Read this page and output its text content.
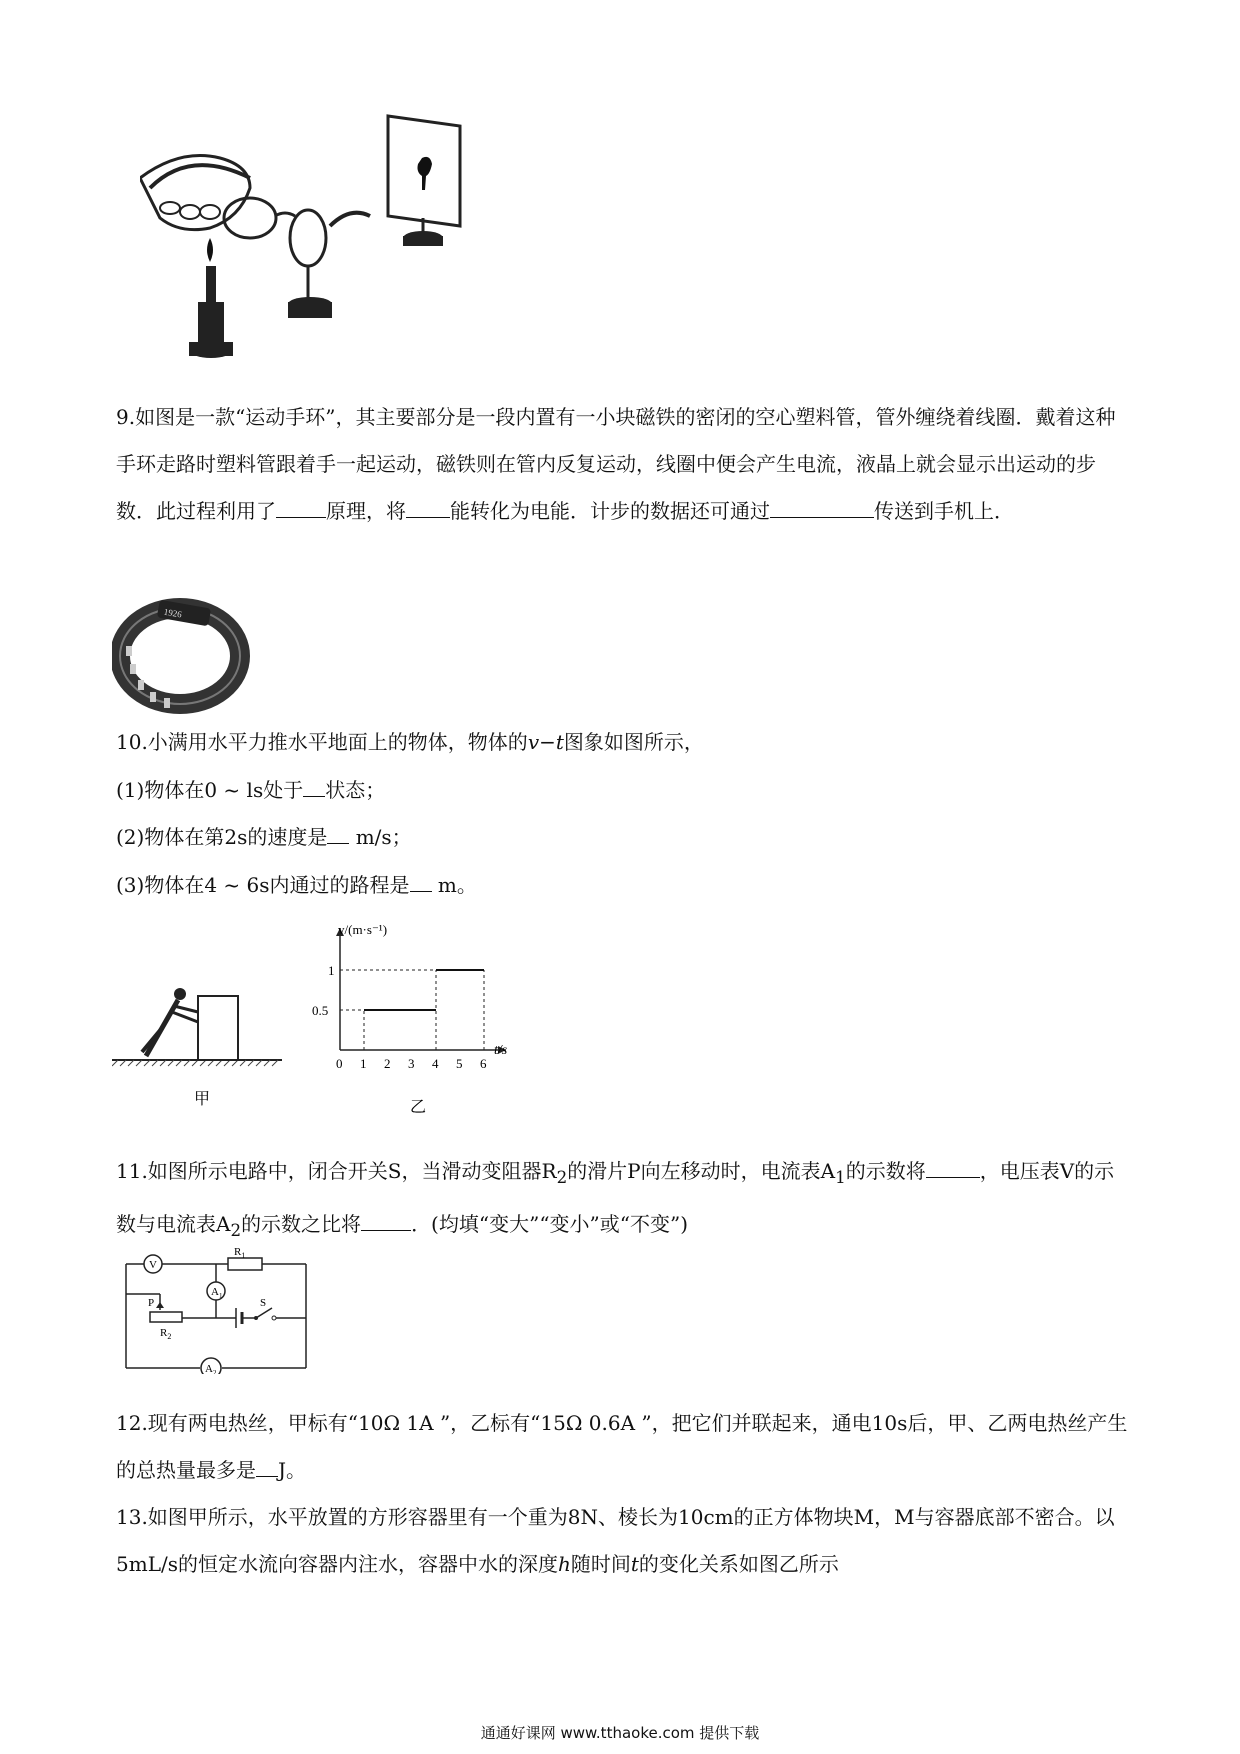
9.如图是一款“运动手环”，其主要部分是一段内置有一小块磁铁的密闭的空心塑料管，管外缠绕着线圈．戴着这种手环走路时塑料管跟着手一起运动，磁铁则在管内反复运动，线圈中便会产生电流，液晶上就会显示出运动的步数．此过程利用了	原理，将 能转化为电能．计步的数据还可通过	传送到手机上．

1926
10.小满用水平力推水平地面上的物体，物体的v−t图象如图所示，
(1)物体在0 ~ ls处于 状态；
(2)物体在第2s的速度是 m/s；
(3)物体在4 ~ 6s内通过的路程是 m。
甲
0 1 2 3 4 5 6
0.5
1
v/(m·s⁻¹)
t/s
乙

11.如图所示电路中，闭合开关S，当滑动变阻器$R_2$的滑片P向左移动时，电流表$A_1$的示数将	，电压表V的示数与电流表$A_2$的示数之比将	．(均填“变大”“变小”或“不变”)

V
$R_1$
$A_1$
P
$R_2$
S
$A_2$

12.现有两电热丝，甲标有“10Ω 1A ”，乙标有“15Ω 0.6A ”，把它们并联起来，通电10s后，甲、乙两电热丝产生的总热量最多是 J。

13.如图甲所示，水平放置的方形容器里有一个重为8N、棱长为10cm的正方体物块M，M与容器底部不密合。以5mL/s的恒定水流向容器内注水，容器中水的深度h随时间t的变化关系如图乙所示

通通好课网 www.tthaoke.com 提供下载
